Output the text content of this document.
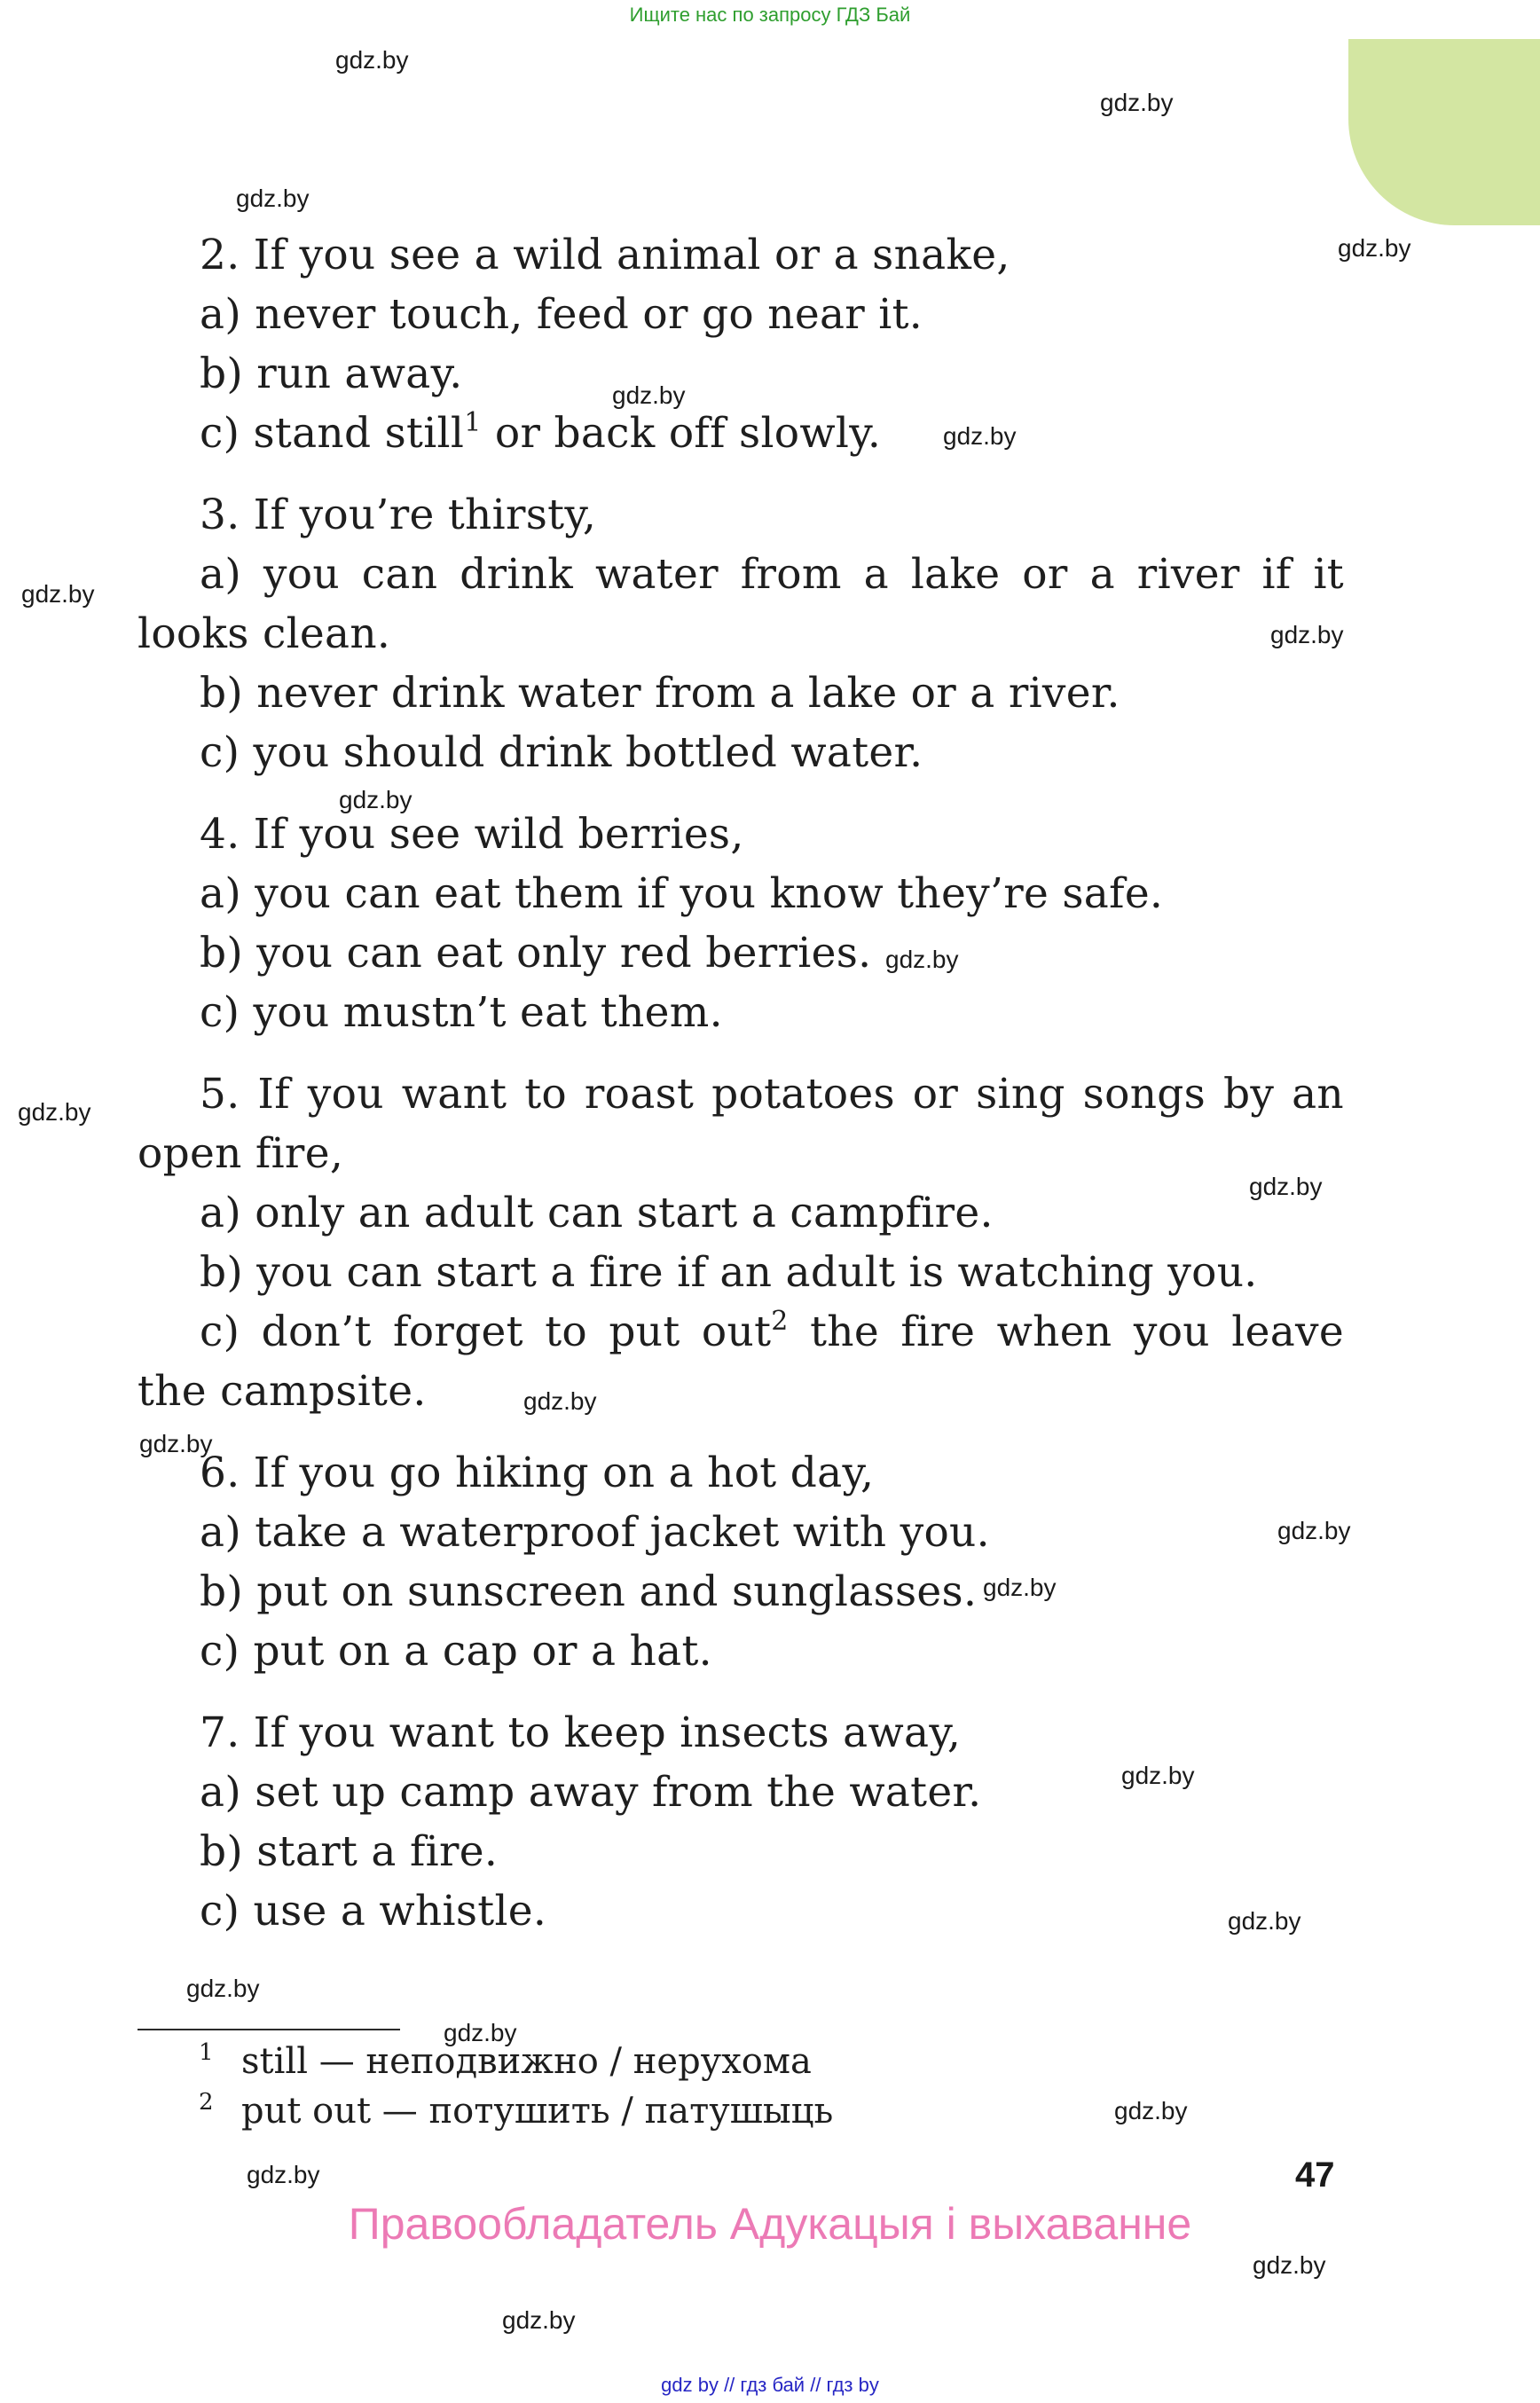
Ищите нас по запросу ГДЗ Бай
gdz.by
gdz.by
gdz.by
gdz.by
gdz.by
gdz.by
gdz.by
gdz.by
gdz.by
gdz.by
gdz.by
gdz.by
gdz.by
gdz.by
gdz.by
gdz.by
gdz.by
gdz.by
gdz.by
gdz.by
gdz.by
gdz.by
gdz.by
gdz.by
2. If you see a wild animal or a snake,
a) never touch, feed or go near it.
b) run away.
c) stand still$^1$ or back off slowly.
3. If you’re thirsty,
a) you can drink water from a lake or a river if it
looks clean.
b) never drink water from a lake or a river.
c) you should drink bottled water.
4. If you see wild berries,
a) you can eat them if you know they’re safe.
b) you can eat only red berries.
c) you mustn’t eat them.
5. If you want to roast potatoes or sing songs by an
open fire,
a) only an adult can start a campfire.
b) you can start a fire if an adult is watching you.
c) don’t forget to put out$^2$ the fire when you leave
the campsite.
6. If you go hiking on a hot day,
a) take a waterproof jacket with you.
b) put on sunscreen and sunglasses.
c) put on a cap or a hat.
7. If you want to keep insects away,
a) set up camp away from the water.
b) start a fire.
c) use a whistle.
1 still — неподвижно / нерухома
2 put out — потушить / патушыць
47
Правообладатель Адукацыя і выхаванне
gdz by // гдз бай // гдз by
